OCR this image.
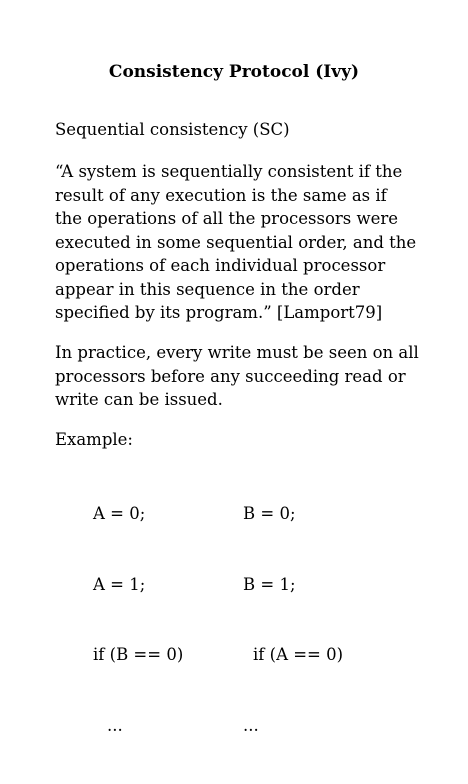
Consistency Protocol (Ivy)

Sequential consistency (SC)

“A system is sequentially consistent if the
result of any execution is the same as if
the operations of all the processors were
executed in some sequential order, and the
operations of each individual processor
appear in this sequence in the order
specified by its program.” [Lamport79]

In practice, every write must be seen on all
processors before any succeeding read or
write can be issued.

Example:

A = 0;

A = 1;

if (B == 0)

...

B = 0;

B = 1;

if (A == 0)

...
